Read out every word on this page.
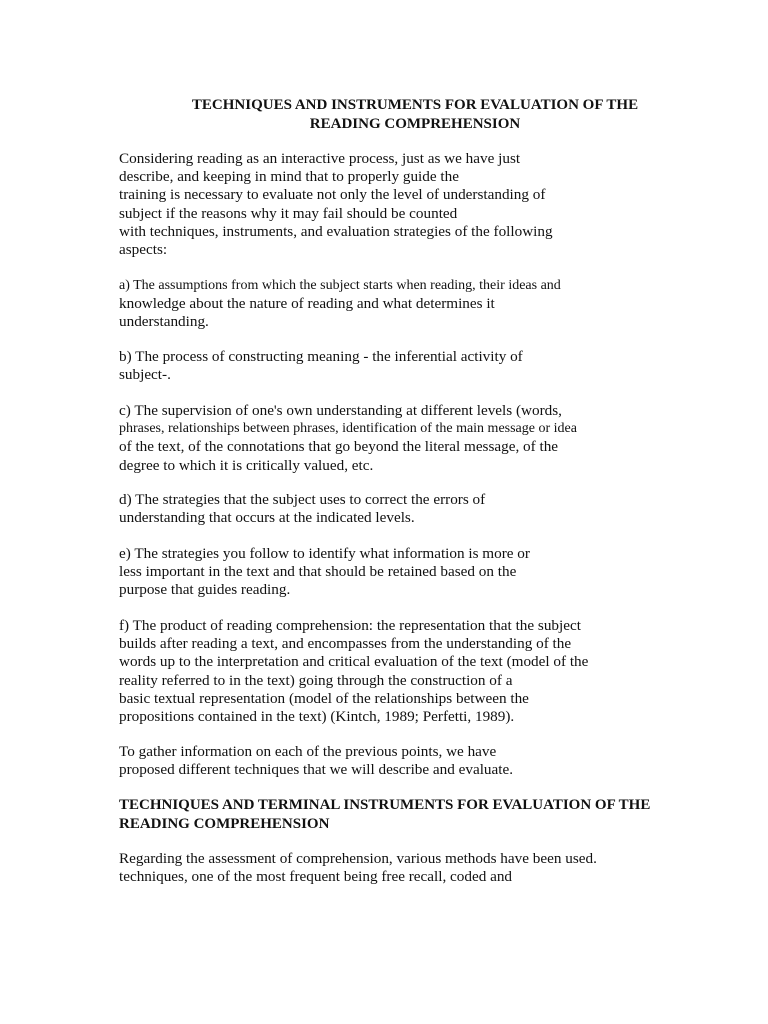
TECHNIQUES AND INSTRUMENTS FOR EVALUATION OF THE
READING COMPREHENSION

Considering reading as an interactive process, just as we have just
describe, and keeping in mind that to properly guide the
training is necessary to evaluate not only the level of understanding of
subject if the reasons why it may fail should be counted
with techniques, instruments, and evaluation strategies of the following
aspects:

a) The assumptions from which the subject starts when reading, their ideas and
knowledge about the nature of reading and what determines it
understanding.

b) The process of constructing meaning - the inferential activity of
subject-.

c) The supervision of one's own understanding at different levels (words,
phrases, relationships between phrases, identification of the main message or idea
of the text, of the connotations that go beyond the literal message, of the
degree to which it is critically valued, etc.

d) The strategies that the subject uses to correct the errors of
understanding that occurs at the indicated levels.

e) The strategies you follow to identify what information is more or
less important in the text and that should be retained based on the
purpose that guides reading.

f) The product of reading comprehension: the representation that the subject
builds after reading a text, and encompasses from the understanding of the
words up to the interpretation and critical evaluation of the text (model of the
reality referred to in the text) going through the construction of a
basic textual representation (model of the relationships between the
propositions contained in the text) (Kintch, 1989; Perfetti, 1989).

To gather information on each of the previous points, we have
proposed different techniques that we will describe and evaluate.

TECHNIQUES AND TERMINAL INSTRUMENTS FOR EVALUATION OF THE
READING COMPREHENSION

Regarding the assessment of comprehension, various methods have been used.
techniques, one of the most frequent being free recall, coded and
